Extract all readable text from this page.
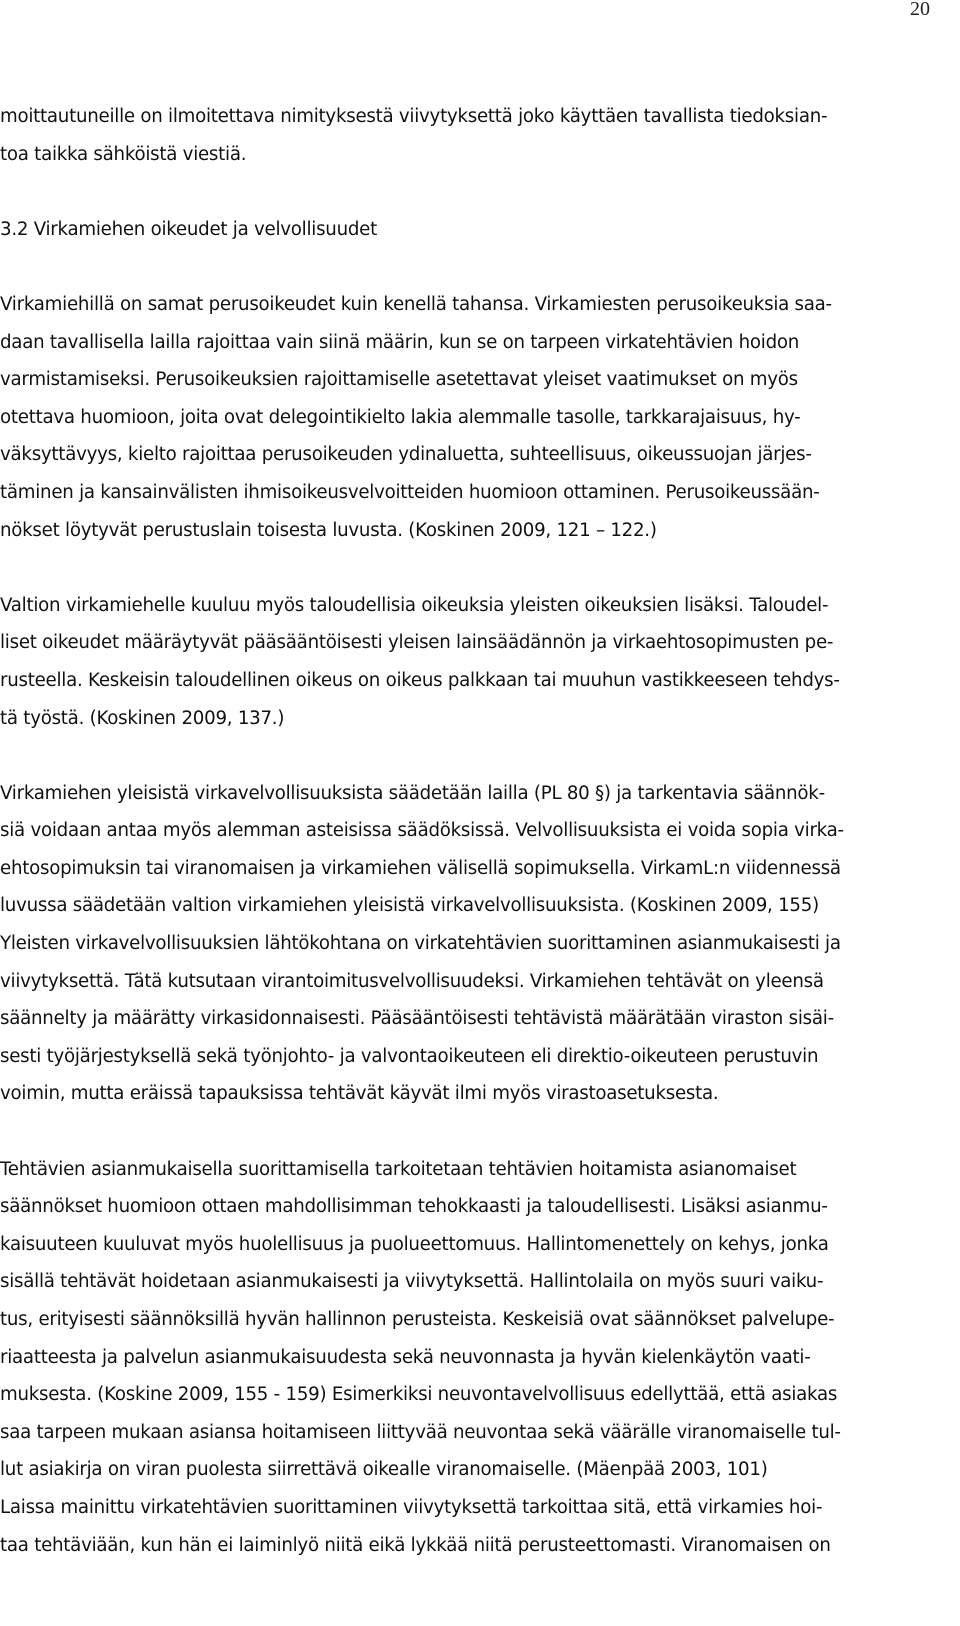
20
moittautuneille on ilmoitettava nimityksestä viivytyksettä joko käyttäen tavallista tiedoksian-
toa taikka sähköistä viestiä.
3.2 Virkamiehen oikeudet ja velvollisuudet
Virkamiehillä on samat perusoikeudet kuin kenellä tahansa. Virkamiesten perusoikeuksia saa-
daan tavallisella lailla rajoittaa vain siinä määrin, kun se on tarpeen virkatehtävien hoidon
varmistamiseksi. Perusoikeuksien rajoittamiselle asetettavat yleiset vaatimukset on myös
otettava huomioon, joita ovat delegointikielto lakia alemmalle tasolle, tarkkarajaisuus, hy-
väksyttävyys, kielto rajoittaa perusoikeuden ydinaluetta, suhteellisuus, oikeussuojan järjes-
täminen ja kansainvälisten ihmisoikeusvelvoitteiden huomioon ottaminen. Perusoikeussään-
nökset löytyvät perustuslain toisesta luvusta. (Koskinen 2009, 121 – 122.)
Valtion virkamiehelle kuuluu myös taloudellisia oikeuksia yleisten oikeuksien lisäksi. Taloudel-
liset oikeudet määräytyvät pääsääntöisesti yleisen lainsäädännön ja virkaehtosopimusten pe-
rusteella. Keskeisin taloudellinen oikeus on oikeus palkkaan tai muuhun vastikkeeseen tehdys-
tä työstä. (Koskinen 2009, 137.)
Virkamiehen yleisistä virkavelvollisuuksista säädetään lailla (PL 80 §) ja tarkentavia säännök-
siä voidaan antaa myös alemman asteisissa säädöksissä. Velvollisuuksista ei voida sopia virka-
ehtosopimuksin tai viranomaisen ja virkamiehen välisellä sopimuksella. VirkamL:n viidennessä
luvussa säädetään valtion virkamiehen yleisistä virkavelvollisuuksista. (Koskinen 2009, 155)
Yleisten virkavelvollisuuksien lähtökohtana on virkatehtävien suorittaminen asianmukaisesti ja
viivytyksettä. Tätä kutsutaan virantoimitusvelvollisuudeksi. Virkamiehen tehtävät on yleensä
säännelty ja määrätty virkasidonnaisesti. Pääsääntöisesti tehtävistä määrätään viraston sisäi-
sesti työjärjestyksellä sekä työnjohto- ja valvontaoikeuteen eli direktio-oikeuteen perustuvin
voimin, mutta eräissä tapauksissa tehtävät käyvät ilmi myös virastoasetuksesta.
Tehtävien asianmukaisella suorittamisella tarkoitetaan tehtävien hoitamista asianomaiset
säännökset huomioon ottaen mahdollisimman tehokkaasti ja taloudellisesti. Lisäksi asianmu-
kaisuuteen kuuluvat myös huolellisuus ja puolueettomuus. Hallintomenettely on kehys, jonka
sisällä tehtävät hoidetaan asianmukaisesti ja viivytyksettä. Hallintolaila on myös suuri vaiku-
tus, erityisesti säännöksillä hyvän hallinnon perusteista. Keskeisiä ovat säännökset palvelupe-
riaatteesta ja palvelun asianmukaisuudesta sekä neuvonnasta ja hyvän kielenkäytön vaati-
muksesta. (Koskine 2009, 155 - 159) Esimerkiksi neuvontavelvollisuus edellyttää, että asiakas
saa tarpeen mukaan asiansa hoitamiseen liittyvää neuvontaa sekä väärälle viranomaiselle tul-
lut asiakirja on viran puolesta siirrettävä oikealle viranomaiselle. (Mäenpää 2003, 101)
Laissa mainittu virkatehtävien suorittaminen viivytyksettä tarkoittaa sitä, että virkamies hoi-
taa tehtäviään, kun hän ei laiminlyö niitä eikä lykkää niitä perusteettomasti. Viranomaisen on
